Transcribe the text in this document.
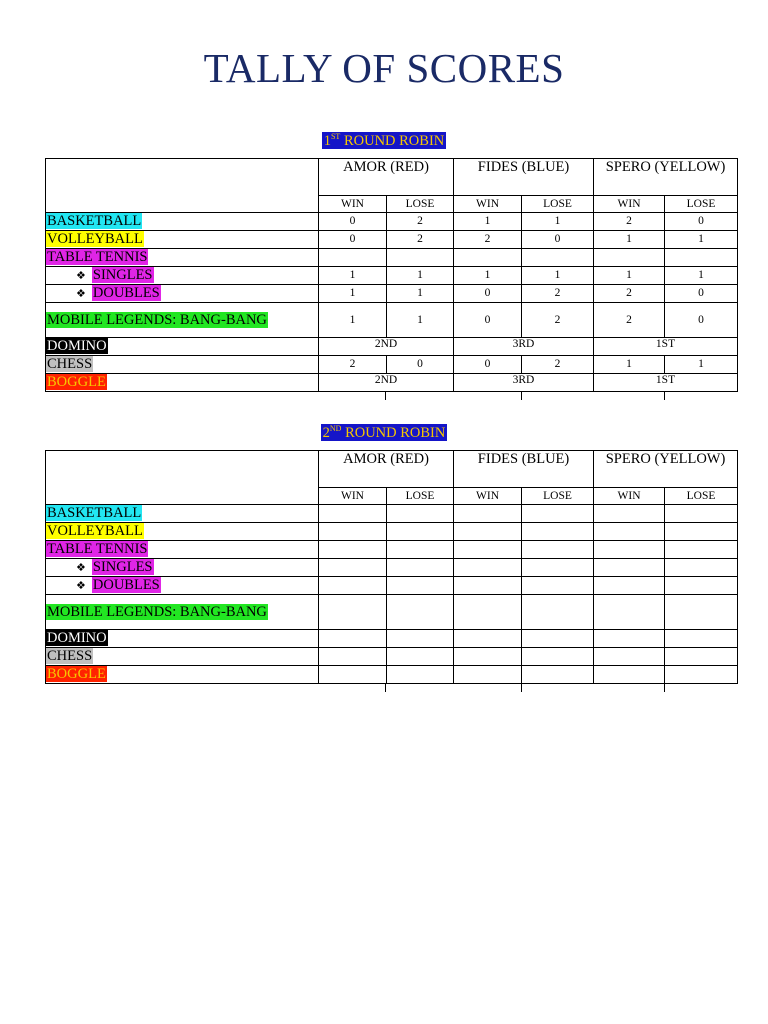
TALLY OF SCORES
1ST ROUND ROBIN
	AMOR (RED)		FIDES (BLUE)		SPERO (YELLOW)	
	WIN	LOSE	WIN	LOSE	WIN	LOSE
BASKETBALL	0	2	1	1	2	0
VOLLEYBALL	0	2	2	0	1	1
TABLE TENNIS						
❖ SINGLES	1	1	1	1	1	1
❖ DOUBLES	1	1	0	2	2	0
MOBILE LEGENDS: BANG-BANG	1	1	0	2	2	0
DOMINO	2ND		3RD		1ST	
CHESS	2	0	0	2	1	1
BOGGLE	2ND		3RD		1ST	
2ND ROUND ROBIN
	AMOR (RED)		FIDES (BLUE)		SPERO (YELLOW)	
	WIN	LOSE	WIN	LOSE	WIN	LOSE
BASKETBALL						
VOLLEYBALL						
TABLE TENNIS						
❖ SINGLES						
❖ DOUBLES						
MOBILE LEGENDS: BANG-BANG						
DOMINO						
CHESS						
BOGGLE						
